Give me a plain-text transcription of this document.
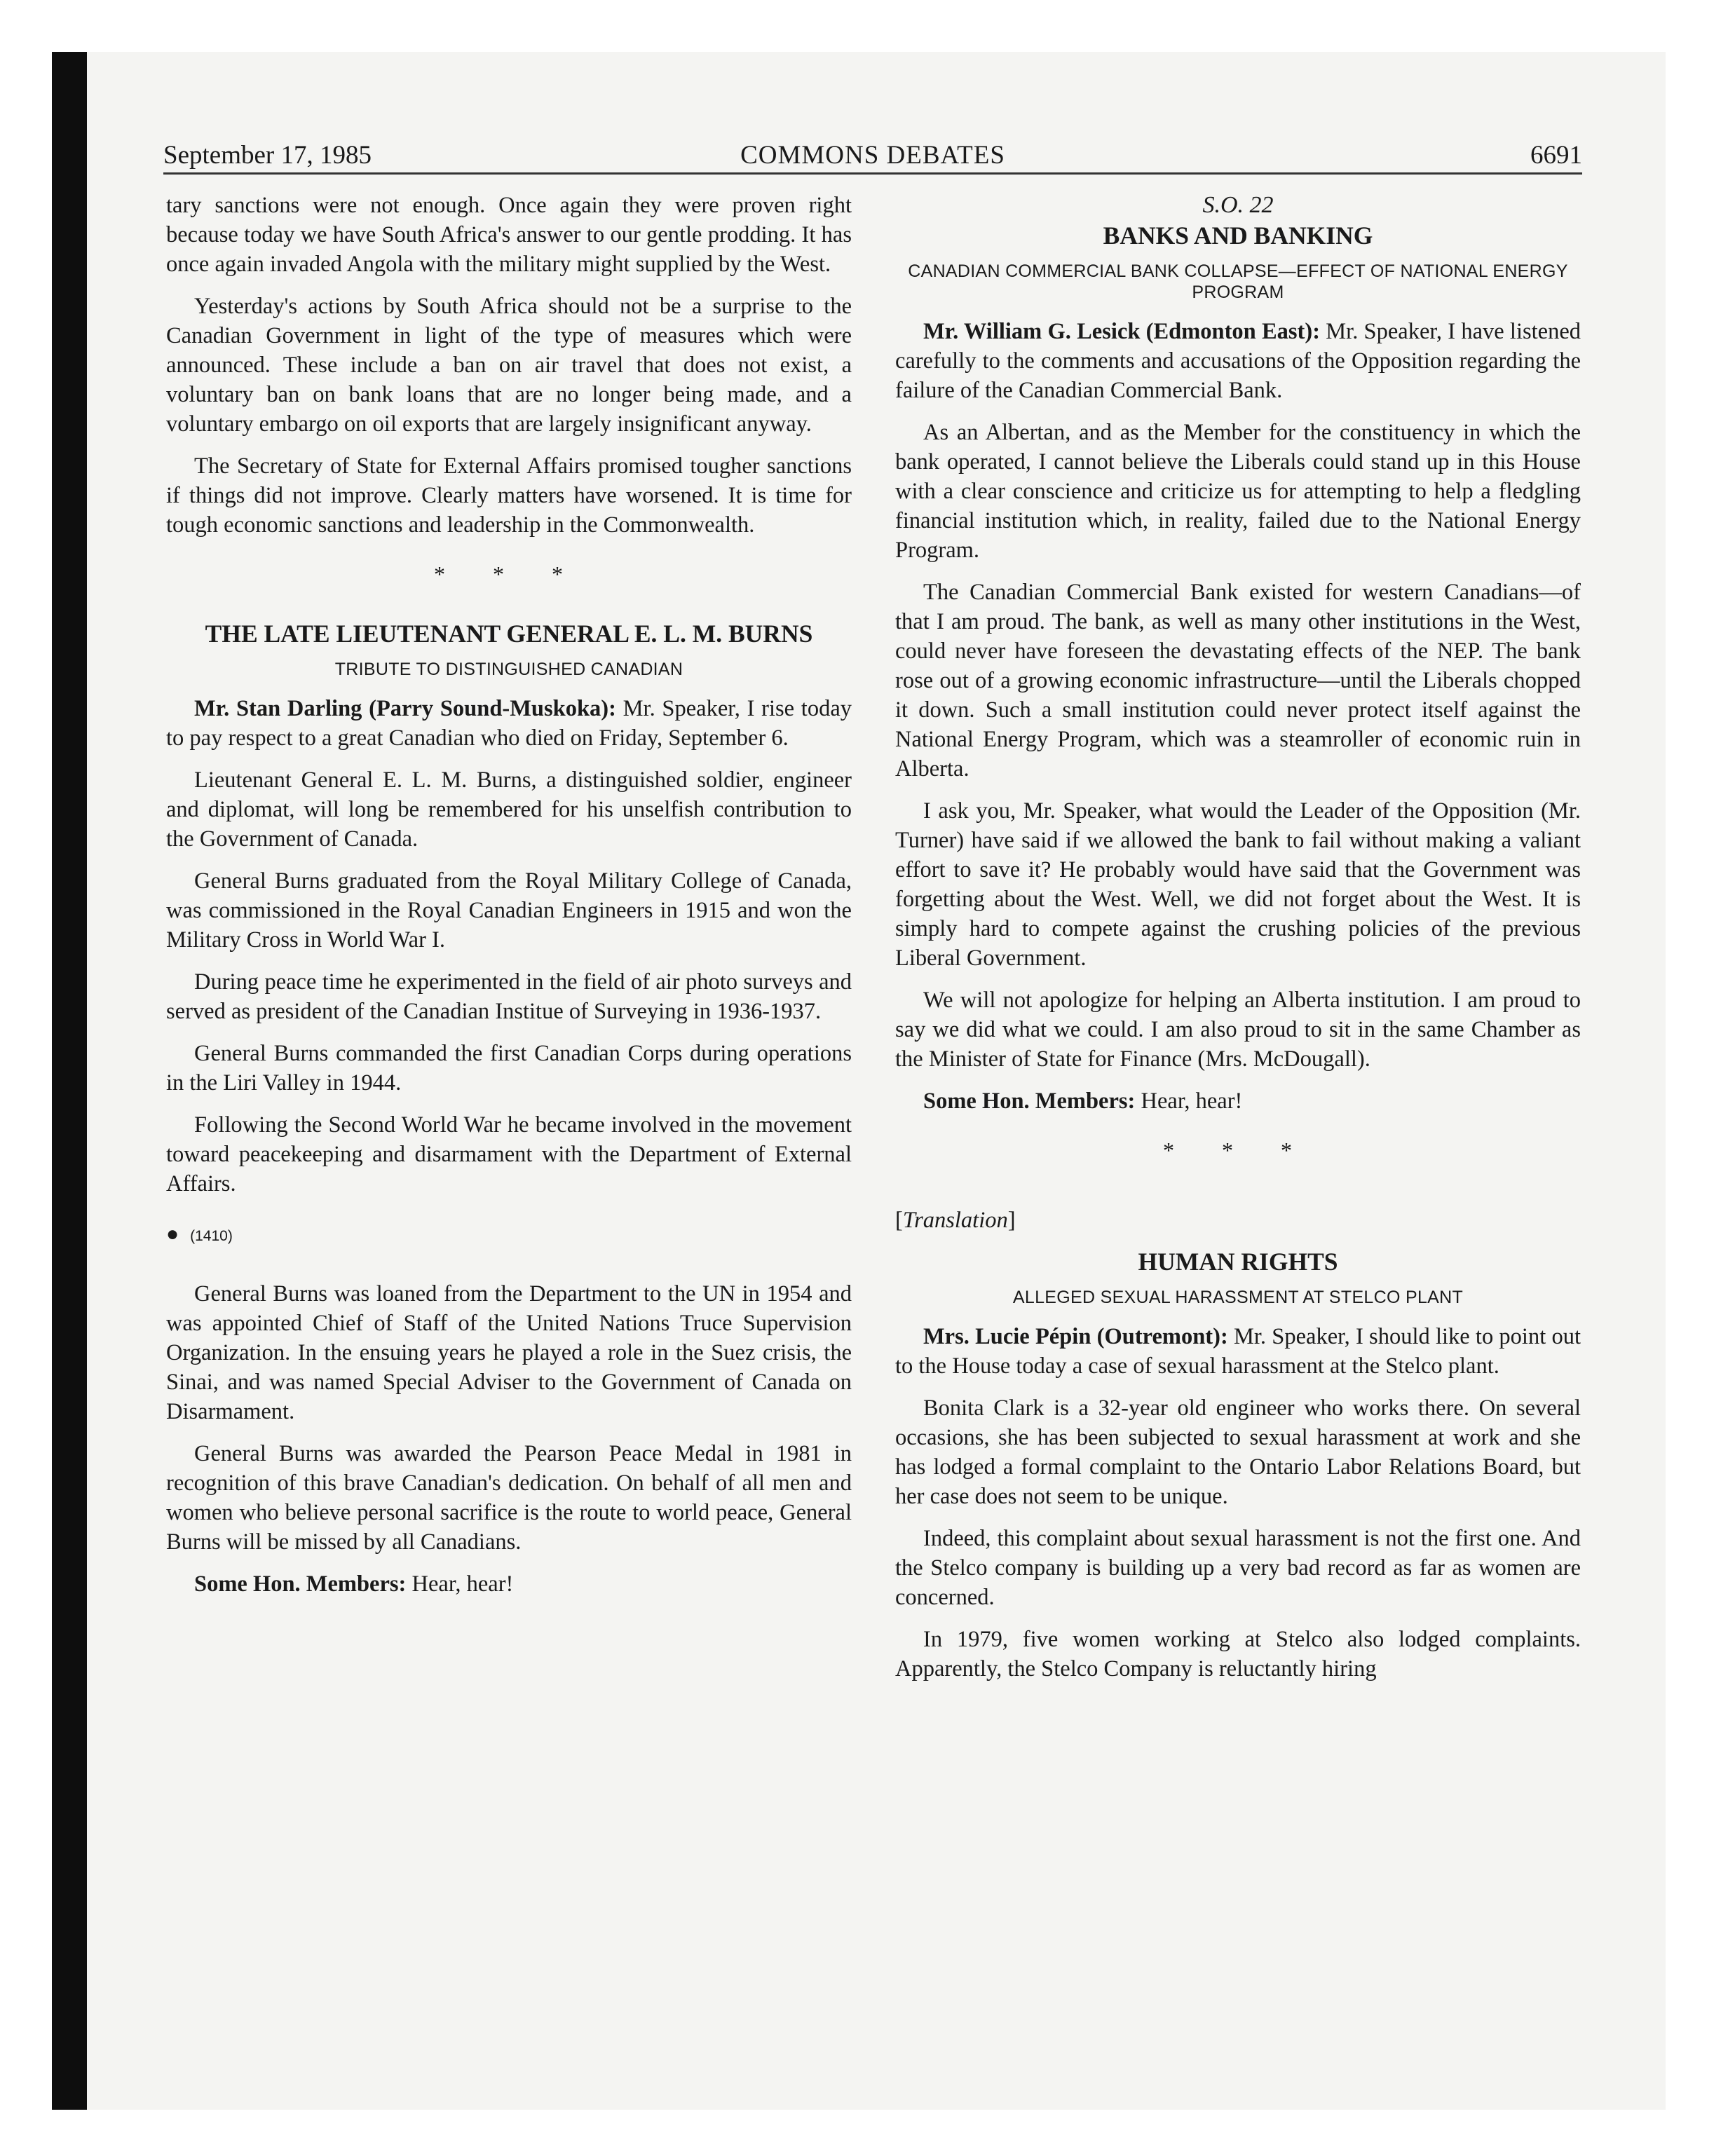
September 17, 1985	COMMONS DEBATES	6691

tary sanctions were not enough. Once again they were proven right because today we have South Africa's answer to our gentle prodding. It has once again invaded Angola with the military might supplied by the West.

Yesterday's actions by South Africa should not be a surprise to the Canadian Government in light of the type of measures which were announced. These include a ban on air travel that does not exist, a voluntary ban on bank loans that are no longer being made, and a voluntary embargo on oil exports that are largely insignificant anyway.

The Secretary of State for External Affairs promised tougher sanctions if things did not improve. Clearly matters have worsened. It is time for tough economic sanctions and leadership in the Commonwealth.

* * *
THE LATE LIEUTENANT GENERAL E. L. M. BURNS
TRIBUTE TO DISTINGUISHED CANADIAN

Mr. Stan Darling (Parry Sound-Muskoka): Mr. Speaker, I rise today to pay respect to a great Canadian who died on Friday, September 6.

Lieutenant General E. L. M. Burns, a distinguished soldier, engineer and diplomat, will long be remembered for his unselfish contribution to the Government of Canada.

General Burns graduated from the Royal Military College of Canada, was commissioned in the Royal Canadian Engineers in 1915 and won the Military Cross in World War I.

During peace time he experimented in the field of air photo surveys and served as president of the Canadian Institue of Surveying in 1936-1937.

General Burns commanded the first Canadian Corps during operations in the Liri Valley in 1944.

Following the Second World War he became involved in the movement toward peacekeeping and disarmament with the Department of External Affairs.

● (1410)

General Burns was loaned from the Department to the UN in 1954 and was appointed Chief of Staff of the United Nations Truce Supervision Organization. In the ensuing years he played a role in the Suez crisis, the Sinai, and was named Special Adviser to the Government of Canada on Disarmament.

General Burns was awarded the Pearson Peace Medal in 1981 in recognition of this brave Canadian's dedication. On behalf of all men and women who believe personal sacrifice is the route to world peace, General Burns will be missed by all Canadians.

Some Hon. Members: Hear, hear!

S.O. 22
BANKS AND BANKING
CANADIAN COMMERCIAL BANK COLLAPSE—EFFECT OF NATIONAL ENERGY PROGRAM

Mr. William G. Lesick (Edmonton East): Mr. Speaker, I have listened carefully to the comments and accusations of the Opposition regarding the failure of the Canadian Commercial Bank.

As an Albertan, and as the Member for the constituency in which the bank operated, I cannot believe the Liberals could stand up in this House with a clear conscience and criticize us for attempting to help a fledgling financial institution which, in reality, failed due to the National Energy Program.

The Canadian Commercial Bank existed for western Canadians—of that I am proud. The bank, as well as many other institutions in the West, could never have foreseen the devastating effects of the NEP. The bank rose out of a growing economic infrastructure—until the Liberals chopped it down. Such a small institution could never protect itself against the National Energy Program, which was a steamroller of economic ruin in Alberta.

I ask you, Mr. Speaker, what would the Leader of the Opposition (Mr. Turner) have said if we allowed the bank to fail without making a valiant effort to save it? He probably would have said that the Government was forgetting about the West. Well, we did not forget about the West. It is simply hard to compete against the crushing policies of the previous Liberal Government.

We will not apologize for helping an Alberta institution. I am proud to say we did what we could. I am also proud to sit in the same Chamber as the Minister of State for Finance (Mrs. McDougall).

Some Hon. Members: Hear, hear!

* * *

[Translation]

HUMAN RIGHTS
ALLEGED SEXUAL HARASSMENT AT STELCO PLANT

Mrs. Lucie Pépin (Outremont): Mr. Speaker, I should like to point out to the House today a case of sexual harassment at the Stelco plant.

Bonita Clark is a 32-year old engineer who works there. On several occasions, she has been subjected to sexual harassment at work and she has lodged a formal complaint to the Ontario Labor Relations Board, but her case does not seem to be unique.

Indeed, this complaint about sexual harassment is not the first one. And the Stelco company is building up a very bad record as far as women are concerned.

In 1979, five women working at Stelco also lodged complaints. Apparently, the Stelco Company is reluctantly hiring
